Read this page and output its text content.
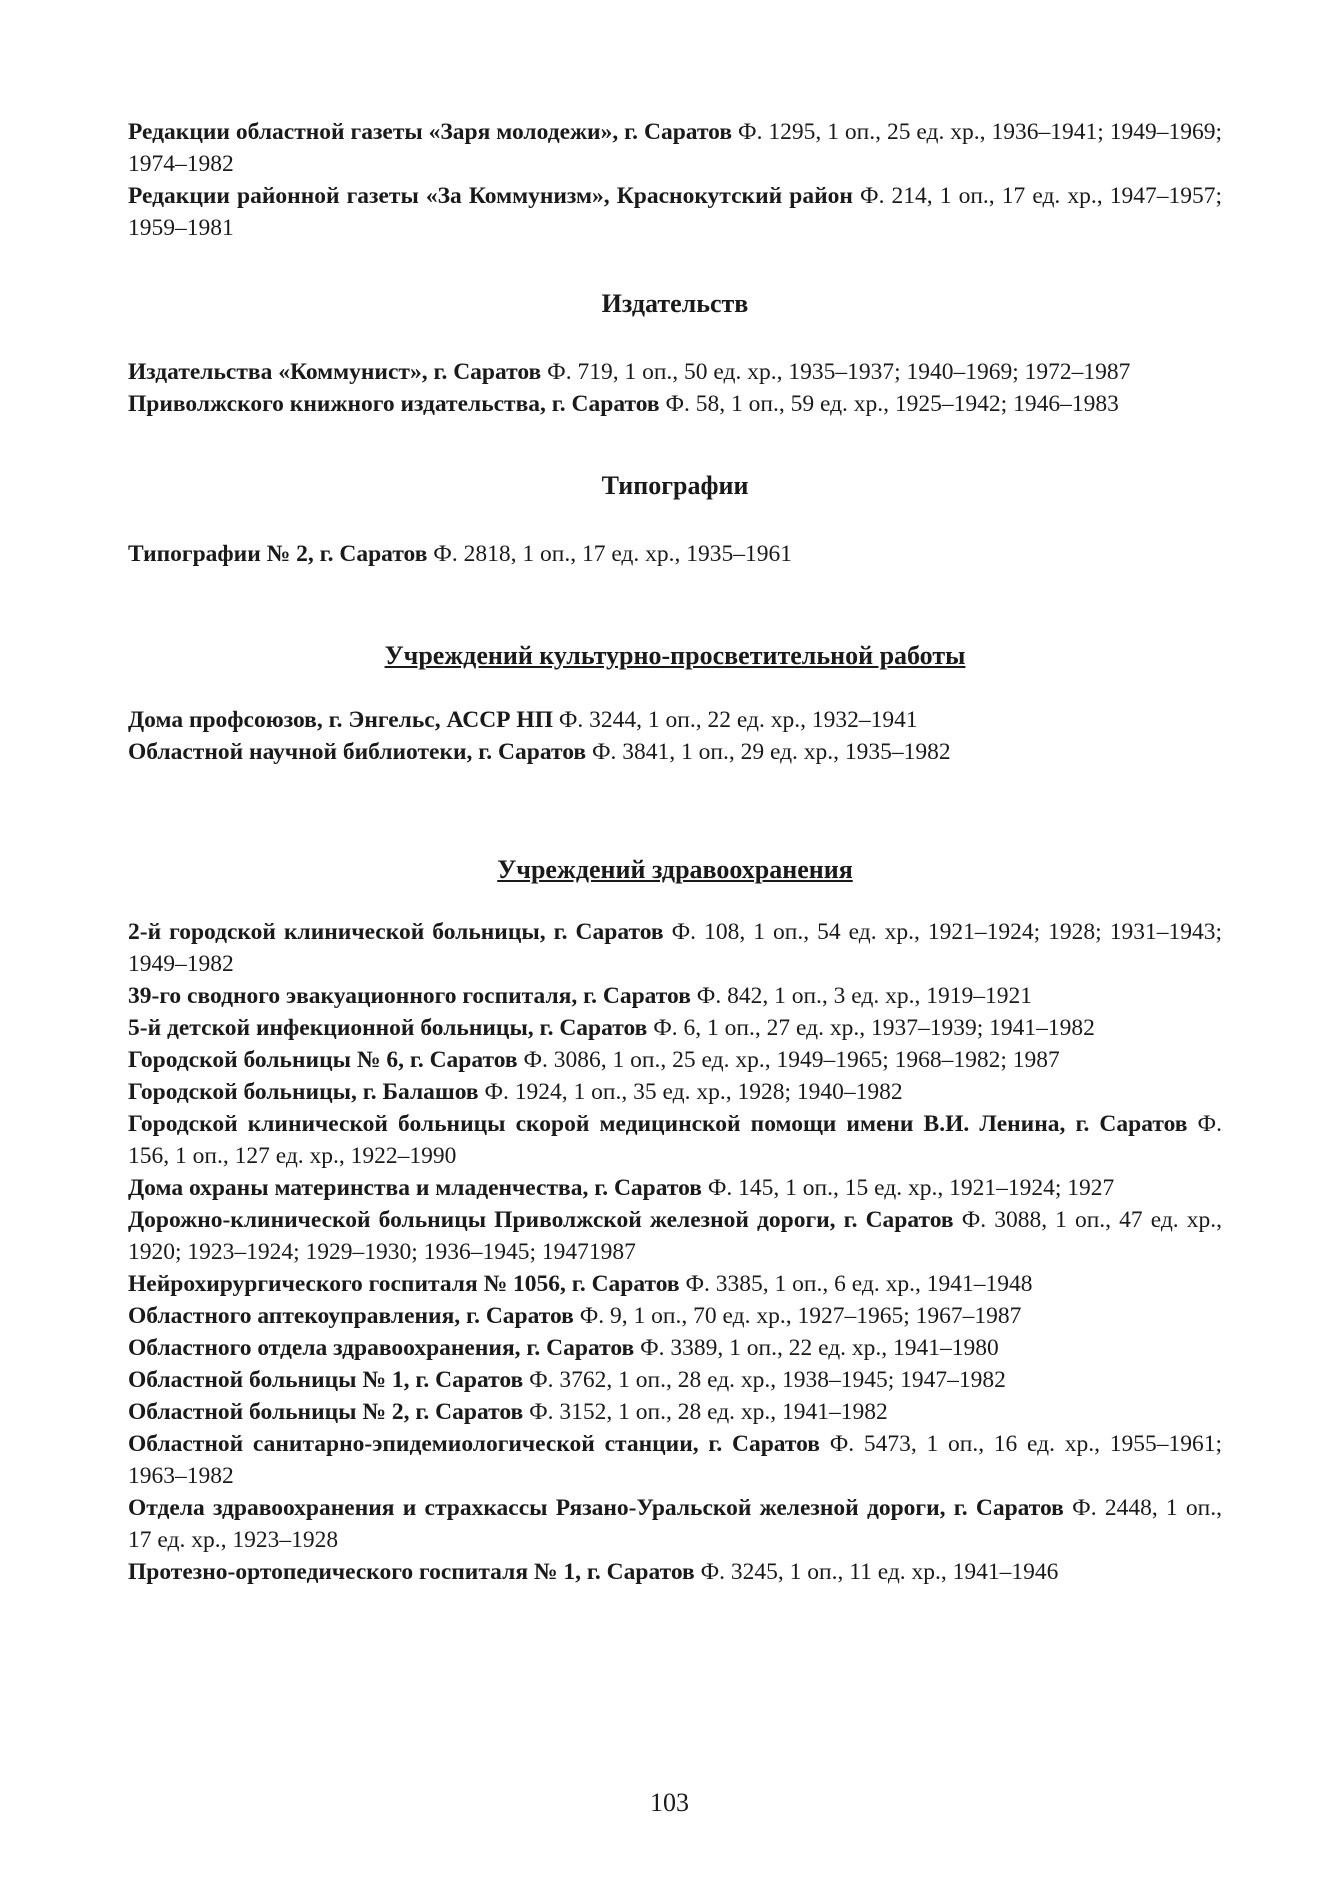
Редакции областной газеты «Заря молодежи», г. Саратов Ф. 1295, 1 оп., 25 ед. хр., 1936–1941; 1949–1969; 1974–1982

Редакции районной газеты «За Коммунизм», Краснокутский район Ф. 214, 1 оп., 17 ед. хр., 1947–1957; 1959–1981

Издательств

Издательства «Коммунист», г. Саратов Ф. 719, 1 оп., 50 ед. хр., 1935–1937; 1940–1969; 1972–1987

Приволжского книжного издательства, г. Саратов Ф. 58, 1 оп., 59 ед. хр., 1925–1942; 1946–1983

Типографии

Типографии № 2, г. Саратов Ф. 2818, 1 оп., 17 ед. хр., 1935–1961

Учреждений культурно-просветительной работы

Дома профсоюзов, г. Энгельс, АССР НП Ф. 3244, 1 оп., 22 ед. хр., 1932–1941

Областной научной библиотеки, г. Саратов Ф. 3841, 1 оп., 29 ед. хр., 1935–1982

Учреждений здравоохранения

2-й городской клинической больницы, г. Саратов Ф. 108, 1 оп., 54 ед. хр., 1921–1924; 1928; 1931–1943; 1949–1982

39-го сводного эвакуационного госпиталя, г. Саратов Ф. 842, 1 оп., 3 ед. хр., 1919–1921

5-й детской инфекционной больницы, г. Саратов Ф. 6, 1 оп., 27 ед. хр., 1937–1939; 1941–1982

Городской больницы № 6, г. Саратов Ф. 3086, 1 оп., 25 ед. хр., 1949–1965; 1968–1982; 1987

Городской больницы, г. Балашов Ф. 1924, 1 оп., 35 ед. хр., 1928; 1940–1982

Городской клинической больницы скорой медицинской помощи имени В.И. Ленина, г. Саратов Ф. 156, 1 оп., 127 ед. хр., 1922–1990

Дома охраны материнства и младенчества, г. Саратов Ф. 145, 1 оп., 15 ед. хр., 1921–1924; 1927

Дорожно-клинической больницы Приволжской железной дороги, г. Саратов Ф. 3088, 1 оп., 47 ед. хр., 1920; 1923–1924; 1929–1930; 1936–1945; 19471987

Нейрохирургического госпиталя № 1056, г. Саратов Ф. 3385, 1 оп., 6 ед. хр., 1941–1948

Областного аптекоуправления, г. Саратов Ф. 9, 1 оп., 70 ед. хр., 1927–1965; 1967–1987

Областного отдела здравоохранения, г. Саратов Ф. 3389, 1 оп., 22 ед. хр., 1941–1980

Областной больницы № 1, г. Саратов Ф. 3762, 1 оп., 28 ед. хр., 1938–1945; 1947–1982

Областной больницы № 2, г. Саратов Ф. 3152, 1 оп., 28 ед. хр., 1941–1982

Областной санитарно-эпидемиологической станции, г. Саратов Ф. 5473, 1 оп., 16 ед. хр., 1955–1961; 1963–1982

Отдела здравоохранения и страхкассы Рязано-Уральской железной дороги, г. Саратов Ф. 2448, 1 оп., 17 ед. хр., 1923–1928

Протезно-ортопедического госпиталя № 1, г. Саратов Ф. 3245, 1 оп., 11 ед. хр., 1941–1946

103
